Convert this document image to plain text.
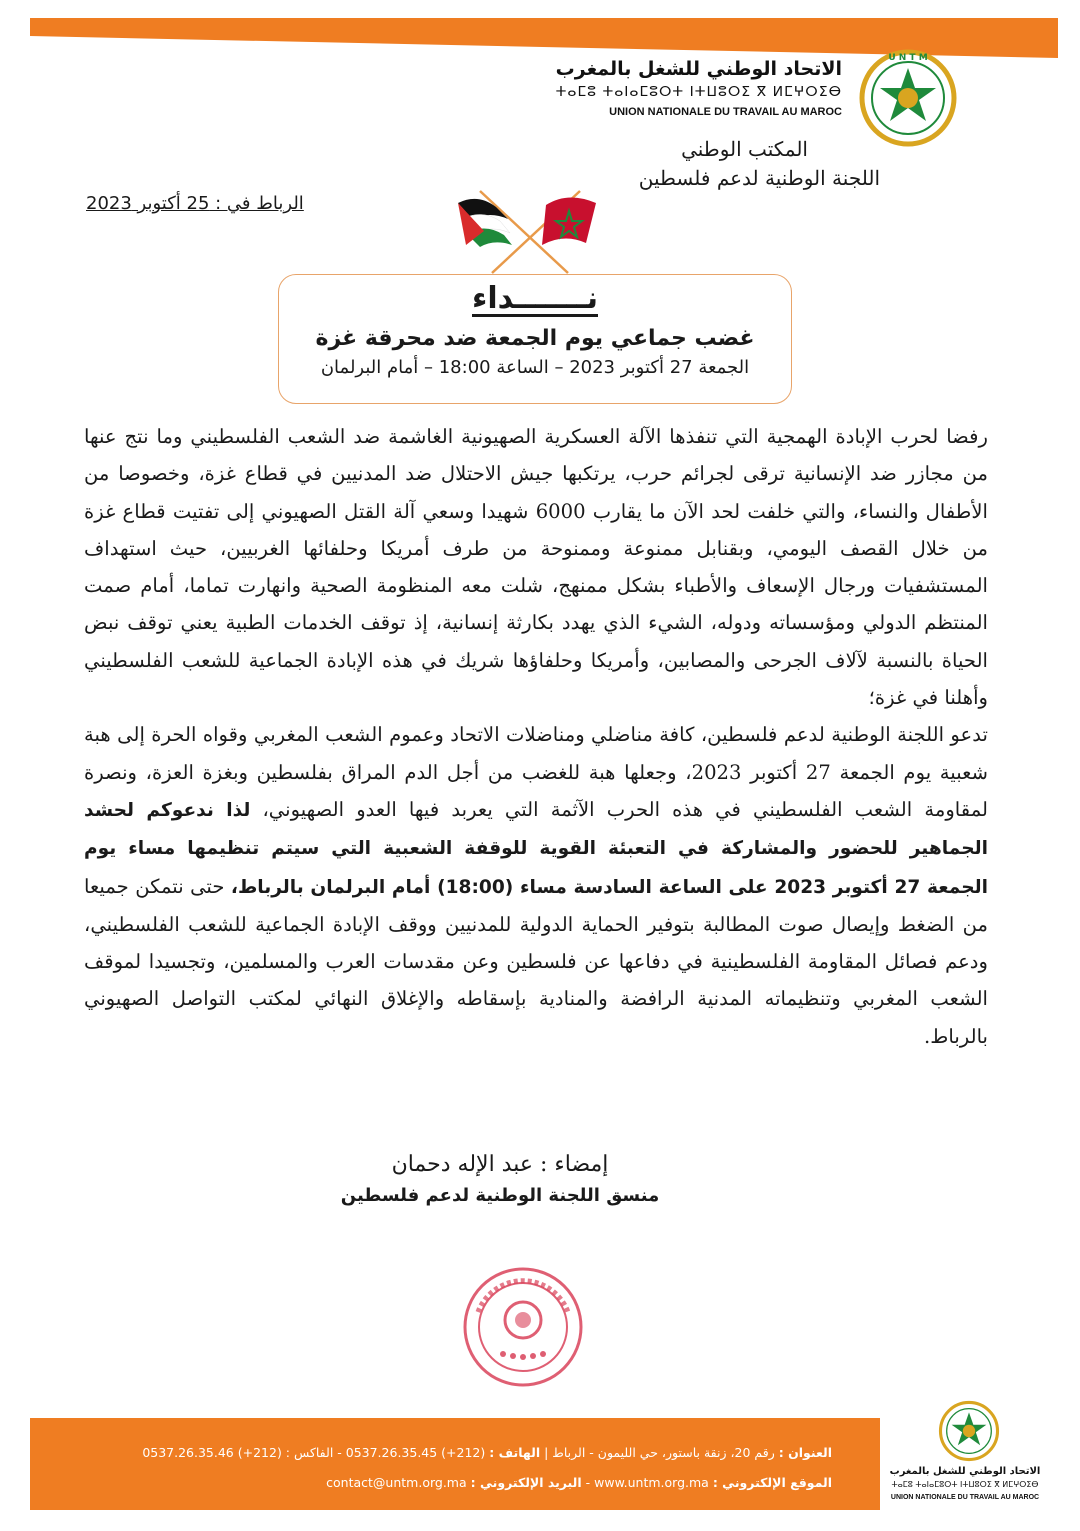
U N T M
الاتحاد الوطني للشغل بالمغرب
ⵜⴰⵎⵓ ⵜⴰⵏⴰⵎⵓⵔⵜ ⵏⵜⵡⵓⵔⵉ ⴳ ⵍⵎⵖⵔⵉⴱ
UNION NATIONALE DU TRAVAIL AU MAROC
المكتب الوطني
اللجنة الوطنية لدعم فلسطين
الرباط في : 25 أكتوبر 2023
نـــــــداء
غضب جماعي يوم الجمعة ضد محرقة غزة
الجمعة 27 أكتوبر 2023 – الساعة 18:00 – أمام البرلمان

رفضا لحرب الإبادة الهمجية التي تنفذها الآلة العسكرية الصهيونية الغاشمة ضد الشعب الفلسطيني وما نتج عنها من مجازر ضد الإنسانية ترقى لجرائم حرب، يرتكبها جيش الاحتلال ضد المدنيين في قطاع غزة، وخصوصا من الأطفال والنساء، والتي خلفت لحد الآن ما يقارب 6000 شهيدا وسعي آلة القتل الصهيوني إلى تفتيت قطاع غزة من خلال القصف اليومي، وبقنابل ممنوعة وممنوحة من طرف أمريكا وحلفائها الغربيين، حيث استهداف المستشفيات ورجال الإسعاف والأطباء بشكل ممنهج، شلت معه المنظومة الصحية وانهارت تماما، أمام صمت المنتظم الدولي ومؤسساته ودوله، الشيء الذي يهدد بكارثة إنسانية، إذ توقف الخدمات الطبية يعني توقف نبض الحياة بالنسبة لآلاف الجرحى والمصابين، وأمريكا وحلفاؤها شريك في هذه الإبادة الجماعية للشعب الفلسطيني وأهلنا في غزة؛

تدعو اللجنة الوطنية لدعم فلسطين، كافة مناضلي ومناضلات الاتحاد وعموم الشعب المغربي وقواه الحرة إلى هبة شعبية يوم الجمعة 27 أكتوبر 2023، وجعلها هبة للغضب من أجل الدم المراق بفلسطين وبغزة العزة، ونصرة لمقاومة الشعب الفلسطيني في هذه الحرب الآثمة التي يعربد فيها العدو الصهيوني، لذا ندعوكم لحشد الجماهير للحضور والمشاركة في التعبئة القوية للوقفة الشعبية التي سيتم تنظيمها مساء يوم الجمعة 27 أكتوبر 2023 على الساعة السادسة مساء (18:00) أمام البرلمان بالرباط، حتى نتمكن جميعا من الضغط وإيصال صوت المطالبة بتوفير الحماية الدولية للمدنيين ووقف الإبادة الجماعية للشعب الفلسطيني، ودعم فصائل المقاومة الفلسطينية في دفاعها عن فلسطين وعن مقدسات العرب والمسلمين، وتجسيدا لموقف الشعب المغربي وتنظيماته المدنية الرافضة والمنادية بإسقاطه والإغلاق النهائي لمكتب التواصل الصهيوني بالرباط.

إمضاء : عبد الإله دحمان
منسق اللجنة الوطنية لدعم فلسطين
العنوان : رقم 20، زنقة باستور، حي الليمون - الرباط | الهاتف : (212+) 0537.26.35.45 - الفاكس : (212+) 0537.26.35.46
الموقع الإلكتروني : www.untm.org.ma - البريد الإلكتروني : contact@untm.org.ma
الاتحاد الوطني للشغل بالمغرب
ⵜⴰⵎⵓ ⵜⴰⵏⴰⵎⵓⵔⵜ ⵏⵜⵡⵓⵔⵉ ⴳ ⵍⵎⵖⵔⵉⴱ
UNION NATIONALE DU TRAVAIL AU MAROC
